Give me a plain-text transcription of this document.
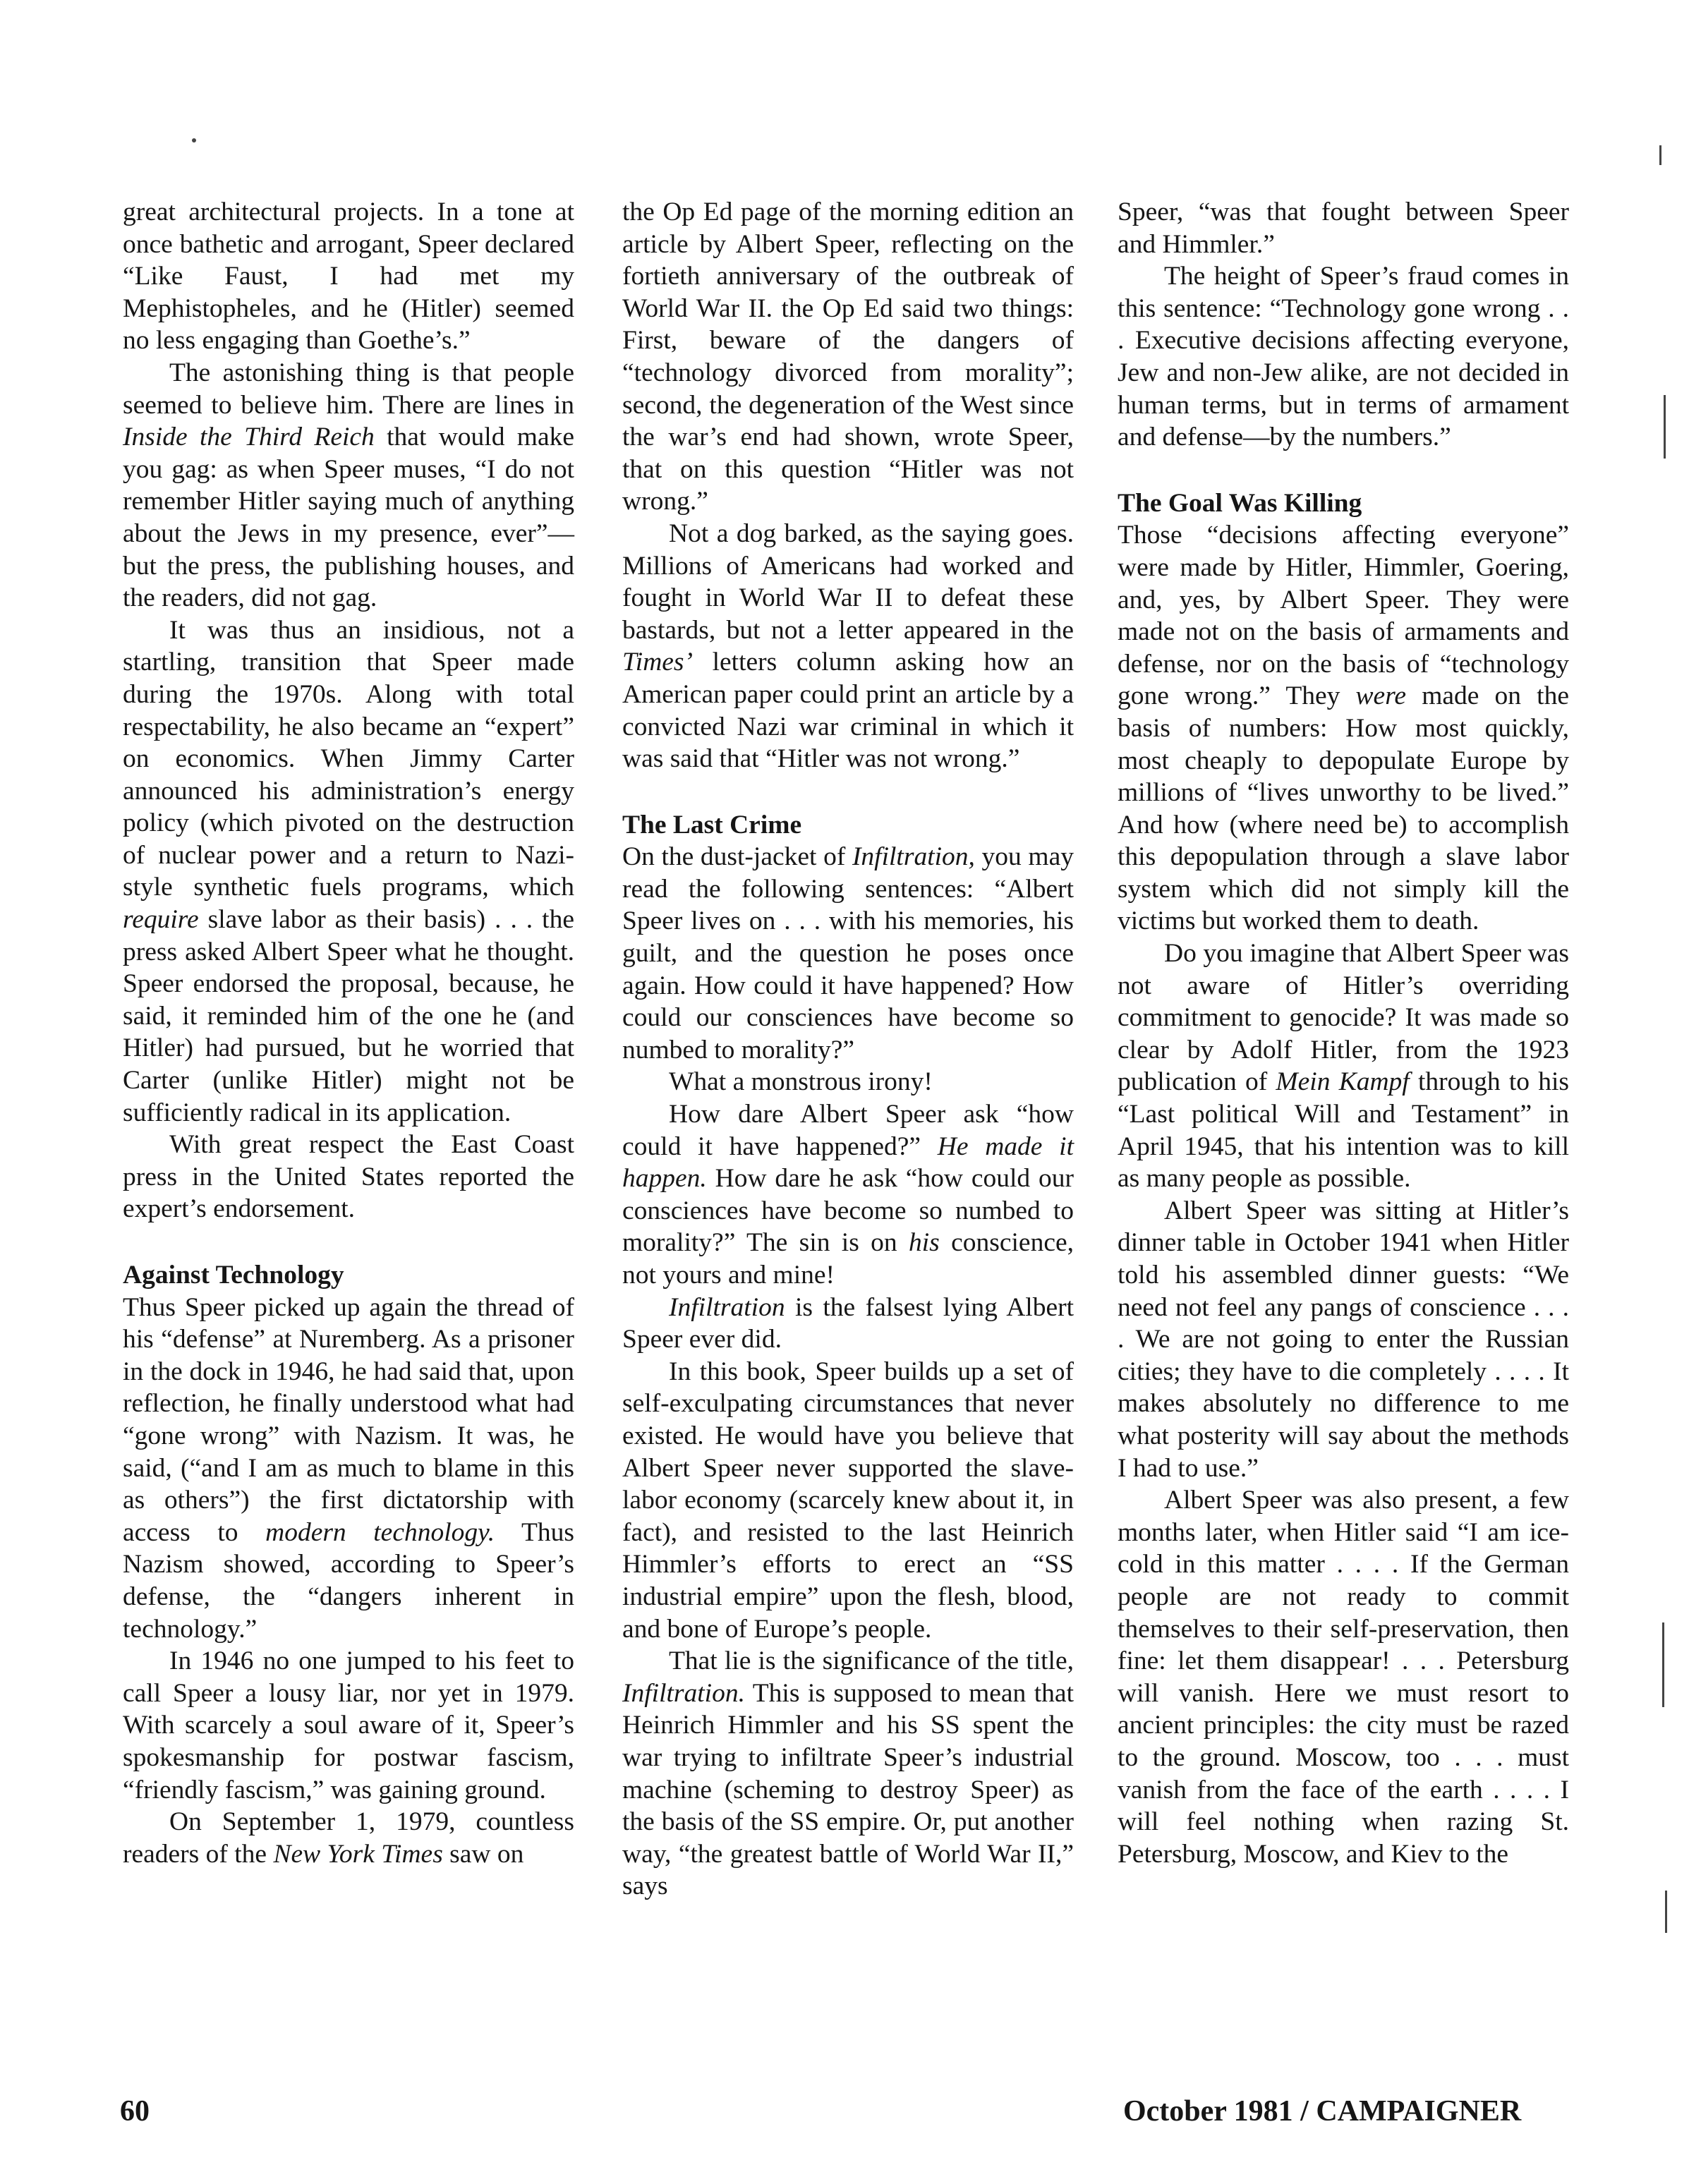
great architectural projects. In a tone at once bathetic and arrogant, Speer declared “Like Faust, I had met my Mephistopheles, and he (Hitler) seemed no less engaging than Goethe’s.”

The astonishing thing is that people seemed to believe him. There are lines in Inside the Third Reich that would make you gag: as when Speer muses, “I do not remember Hitler saying much of anything about the Jews in my presence, ever”—but the press, the publishing houses, and the readers, did not gag.

It was thus an insidious, not a startling, transition that Speer made during the 1970s. Along with total respectability, he also became an “expert” on economics. When Jimmy Carter announced his administration’s energy policy (which pivoted on the destruction of nuclear power and a return to Nazi-style synthetic fuels programs, which require slave labor as their basis) . . . the press asked Albert Speer what he thought. Speer endorsed the proposal, because, he said, it reminded him of the one he (and Hitler) had pursued, but he worried that Carter (unlike Hitler) might not be sufficiently radical in its application.

With great respect the East Coast press in the United States reported the expert’s endorsement.

Against Technology

Thus Speer picked up again the thread of his “defense” at Nuremberg. As a prisoner in the dock in 1946, he had said that, upon reflection, he finally understood what had “gone wrong” with Nazism. It was, he said, (“and I am as much to blame in this as others”) the first dictatorship with access to modern technology. Thus Nazism showed, according to Speer’s defense, the “dangers inherent in technology.”

In 1946 no one jumped to his feet to call Speer a lousy liar, nor yet in 1979. With scarcely a soul aware of it, Speer’s spokesmanship for postwar fascism, “friendly fascism,” was gaining ground.

On September 1, 1979, countless readers of the New York Times saw on

the Op Ed page of the morning edition an article by Albert Speer, reflecting on the fortieth anniversary of the outbreak of World War II. the Op Ed said two things: First, beware of the dangers of “technology divorced from morality”; second, the degeneration of the West since the war’s end had shown, wrote Speer, that on this question “Hitler was not wrong.”

Not a dog barked, as the saying goes. Millions of Americans had worked and fought in World War II to defeat these bastards, but not a letter appeared in the Times’ letters column asking how an American paper could print an article by a convicted Nazi war criminal in which it was said that “Hitler was not wrong.”

The Last Crime

On the dust-jacket of Infiltration, you may read the following sentences: “Albert Speer lives on . . . with his memories, his guilt, and the question he poses once again. How could it have happened? How could our consciences have become so numbed to morality?”

What a monstrous irony!

How dare Albert Speer ask “how could it have happened?” He made it happen. How dare he ask “how could our consciences have become so numbed to morality?” The sin is on his conscience, not yours and mine!

Infiltration is the falsest lying Albert Speer ever did.

In this book, Speer builds up a set of self-exculpating circumstances that never existed. He would have you believe that Albert Speer never supported the slave-labor economy (scarcely knew about it, in fact), and resisted to the last Heinrich Himmler’s efforts to erect an “SS industrial empire” upon the flesh, blood, and bone of Europe’s people.

That lie is the significance of the title, Infiltration. This is supposed to mean that Heinrich Himmler and his SS spent the war trying to infiltrate Speer’s industrial machine (scheming to destroy Speer) as the basis of the SS empire. Or, put another way, “the greatest battle of World War II,” says

Speer, “was that fought between Speer and Himmler.”

The height of Speer’s fraud comes in this sentence: “Technology gone wrong . . . Executive decisions affecting everyone, Jew and non-Jew alike, are not decided in human terms, but in terms of armament and defense—by the numbers.”

The Goal Was Killing

Those “decisions affecting everyone” were made by Hitler, Himmler, Goering, and, yes, by Albert Speer. They were made not on the basis of armaments and defense, nor on the basis of “technology gone wrong.” They were made on the basis of numbers: How most quickly, most cheaply to depopulate Europe by millions of “lives unworthy to be lived.” And how (where need be) to accomplish this depopulation through a slave labor system which did not simply kill the victims but worked them to death.

Do you imagine that Albert Speer was not aware of Hitler’s overriding commitment to genocide? It was made so clear by Adolf Hitler, from the 1923 publication of Mein Kampf through to his “Last political Will and Testament” in April 1945, that his intention was to kill as many people as possible.

Albert Speer was sitting at Hitler’s dinner table in October 1941 when Hitler told his assembled dinner guests: “We need not feel any pangs of conscience . . . . We are not going to enter the Russian cities; they have to die completely . . . . It makes absolutely no difference to me what posterity will say about the methods I had to use.”

Albert Speer was also present, a few months later, when Hitler said “I am ice-cold in this matter . . . . If the German people are not ready to commit themselves to their self-preservation, then fine: let them disappear! . . . Petersburg will vanish. Here we must resort to ancient principles: the city must be razed to the ground. Moscow, too . . . must vanish from the face of the earth . . . . I will feel nothing when razing St. Petersburg, Moscow, and Kiev to the

60	October 1981 / CAMPAIGNER
